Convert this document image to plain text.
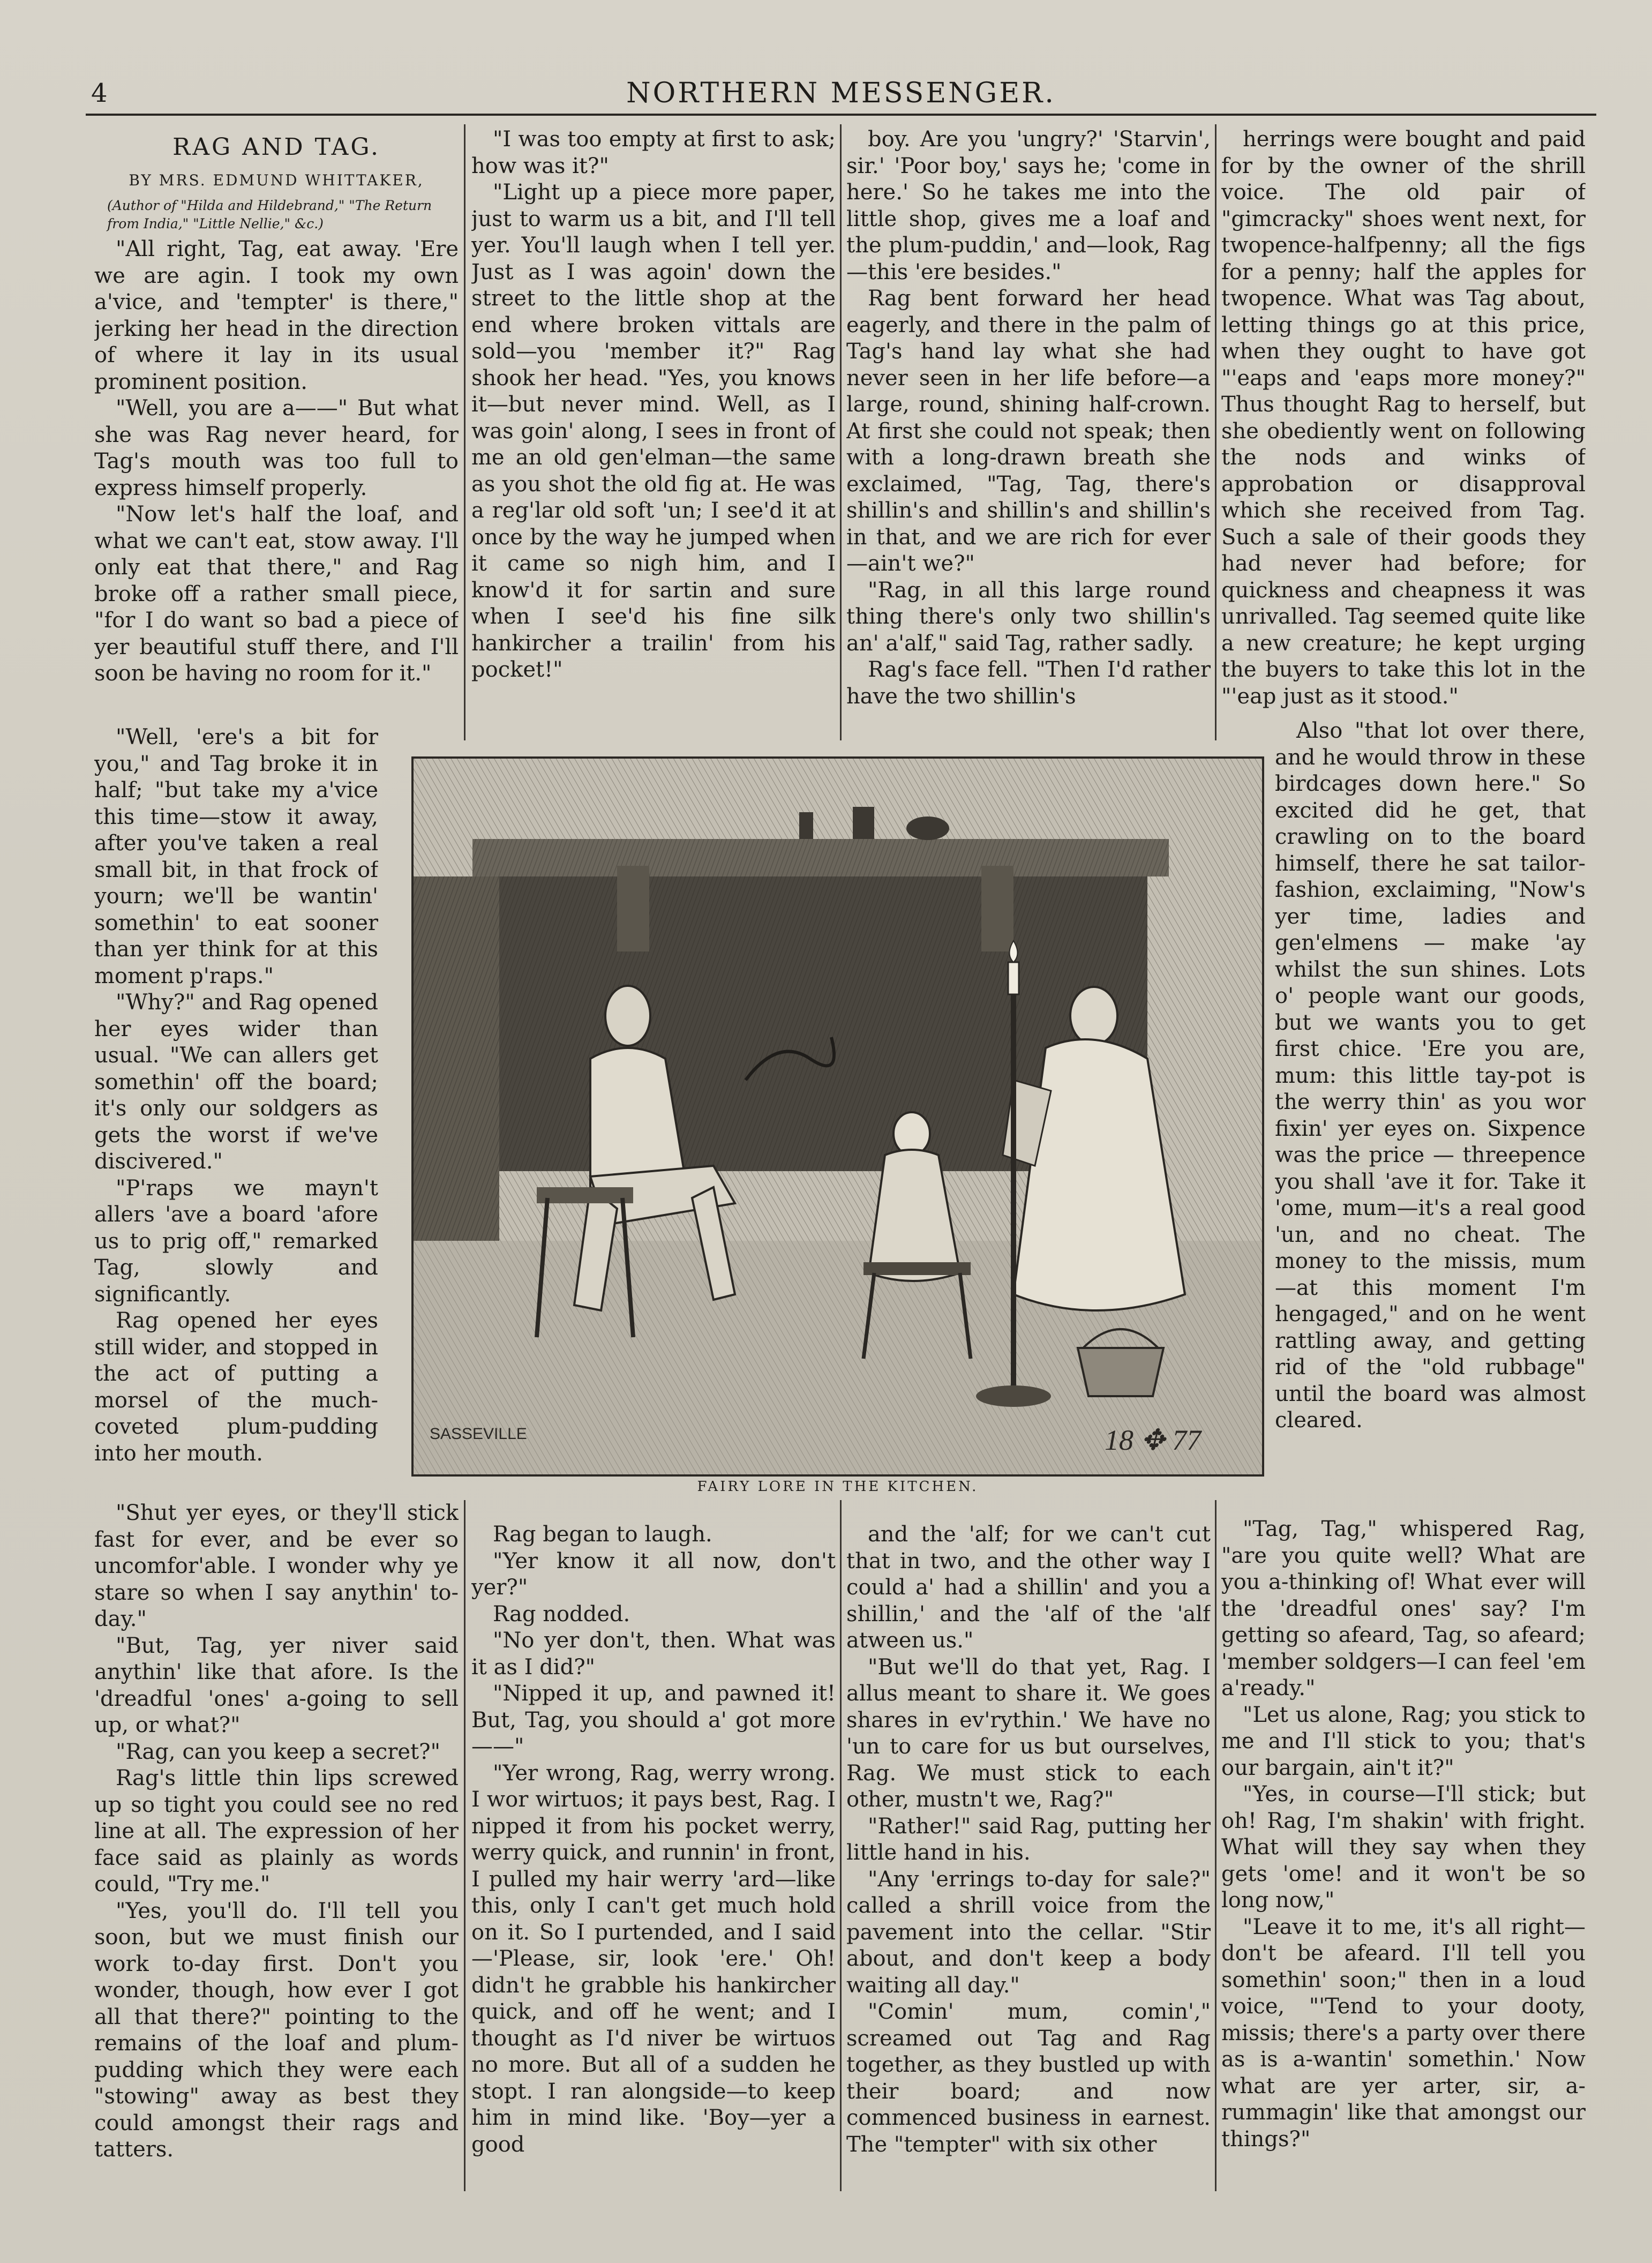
4	NORTHERN MESSENGER.
RAG AND TAG.
BY MRS. EDMUND WHITTAKER,
(Author of "Hilda and Hildebrand," "The Return from India," "Little Nellie," &c.)

"All right, Tag, eat away. 'Ere we are agin. I took my own a'vice, and 'tempter' is there," jerking her head in the direction of where it lay in its usual prominent position.

"Well, you are a——" But what she was Rag never heard, for Tag's mouth was too full to express himself properly.

"Now let's half the loaf, and what we can't eat, stow away. I'll only eat that there," and Rag broke off a rather small piece, "for I do want so bad a piece of yer beautiful stuff there, and I'll soon be having no room for it."

"Well, 'ere's a bit for you," and Tag broke it in half; "but take my a'vice this time—stow it away, after you've taken a real small bit, in that frock of yourn; we'll be wantin' somethin' to eat sooner than yer think for at this moment p'raps."

"Why?" and Rag opened her eyes wider than usual. "We can allers get somethin' off the board; it's only our soldgers as gets the worst if we've discivered."

"P'raps we mayn't allers 'ave a board 'afore us to prig off," remarked Tag, slowly and significantly.

Rag opened her eyes still wider, and stopped in the act of putting a morsel of the much-coveted plum-pudding into her mouth.

"Shut yer eyes, or they'll stick fast for ever, and be ever so uncomfor'able. I wonder why ye stare so when I say anythin' to-day."

"But, Tag, yer niver said anythin' like that afore. Is the 'dreadful 'ones' a-going to sell up, or what?"

"Rag, can you keep a secret?"

Rag's little thin lips screwed up so tight you could see no red line at all. The expression of her face said as plainly as words could, "Try me."

"Yes, you'll do. I'll tell you soon, but we must finish our work to-day first. Don't you wonder, though, how ever I got all that there?" pointing to the remains of the loaf and plum-pudding which they were each "stowing" away as best they could amongst their rags and tatters.

"I was too empty at first to ask; how was it?"

"Light up a piece more paper, just to warm us a bit, and I'll tell yer. You'll laugh when I tell yer. Just as I was agoin' down the street to the little shop at the end where broken vittals are sold—you 'member it?" Rag shook her head. "Yes, you knows it—but never mind. Well, as I was goin' along, I sees in front of me an old gen'elman—the same as you shot the old fig at. He was a reg'lar old soft 'un; I see'd it at once by the way he jumped when it came so nigh him, and I know'd it for sartin and sure when I see'd his fine silk hankircher a trailin' from his pocket!"

boy. Are you 'ungry?' 'Starvin', sir.' 'Poor boy,' says he; 'come in here.' So he takes me into the little shop, gives me a loaf and the plum-puddin,' and—look, Rag—this 'ere besides."

Rag bent forward her head eagerly, and there in the palm of Tag's hand lay what she had never seen in her life before—a large, round, shining half-crown. At first she could not speak; then with a long-drawn breath she exclaimed, "Tag, Tag, there's shillin's and shillin's and shillin's in that, and we are rich for ever—ain't we?"

"Rag, in all this large round thing there's only two shillin's an' a'alf," said Tag, rather sadly.

Rag's face fell. "Then I'd rather have the two shillin's

herrings were bought and paid for by the owner of the shrill voice. The old pair of "gimcracky" shoes went next, for twopence-halfpenny; all the figs for a penny; half the apples for twopence. What was Tag about, letting things go at this price, when they ought to have got "'eaps and 'eaps more money?" Thus thought Rag to herself, but she obediently went on following the nods and winks of approbation or disapproval which she received from Tag. Such a sale of their goods they had never had before; for quickness and cheapness it was unrivalled. Tag seemed quite like a new creature; he kept urging the buyers to take this lot in the "'eap just as it stood."

Also "that lot over there, and he would throw in these birdcages down here." So excited did he get, that crawling on to the board himself, there he sat tailor-fashion, exclaiming, "Now's yer time, ladies and gen'elmens — make 'ay whilst the sun shines. Lots o' people want our goods, but we wants you to get first chice. 'Ere you are, mum: this little tay-pot is the werry thin' as you wor fixin' yer eyes on. Sixpence was the price — threepence you shall 'ave it for. Take it 'ome, mum—it's a real good 'un, and no cheat. The money to the missis, mum —at this moment I'm hengaged," and on he went rattling away, and getting rid of the "old rubbage" until the board was almost cleared.

SASSEVILLE	18 ✥ 77
FAIRY LORE IN THE KITCHEN.

Rag began to laugh.

"Yer know it all now, don't yer?"

Rag nodded.

"No yer don't, then. What was it as I did?"

"Nipped it up, and pawned it! But, Tag, you should a' got more——"

"Yer wrong, Rag, werry wrong. I wor wirtuos; it pays best, Rag. I nipped it from his pocket werry, werry quick, and runnin' in front, I pulled my hair werry 'ard—like this, only I can't get much hold on it. So I purtended, and I said—'Please, sir, look 'ere.' Oh! didn't he grabble his hankircher quick, and off he went; and I thought as I'd niver be wirtuos no more. But all of a sudden he stopt. I ran alongside—to keep him in mind like. 'Boy—yer a good

and the 'alf; for we can't cut that in two, and the other way I could a' had a shillin' and you a shillin,' and the 'alf of the 'alf atween us."

"But we'll do that yet, Rag. I allus meant to share it. We goes shares in ev'rythin.' We have no 'un to care for us but ourselves, Rag. We must stick to each other, mustn't we, Rag?"

"Rather!" said Rag, putting her little hand in his.

"Any 'errings to-day for sale?" called a shrill voice from the pavement into the cellar. "Stir about, and don't keep a body waiting all day."

"Comin' mum, comin'," screamed out Tag and Rag together, as they bustled up with their board; and now commenced business in earnest. The "tempter" with six other

"Tag, Tag," whispered Rag, "are you quite well? What are you a-thinking of! What ever will the 'dreadful ones' say? I'm getting so afeard, Tag, so afeard; 'member soldgers—I can feel 'em a'ready."

"Let us alone, Rag; you stick to me and I'll stick to you; that's our bargain, ain't it?"

"Yes, in course—I'll stick; but oh! Rag, I'm shakin' with fright. What will they say when they gets 'ome! and it won't be so long now,"

"Leave it to me, it's all right—don't be afeard. I'll tell you somethin' soon;" then in a loud voice, "'Tend to your dooty, missis; there's a party over there as is a-wantin' somethin.' Now what are yer arter, sir, a-rummagin' like that amongst our things?"
